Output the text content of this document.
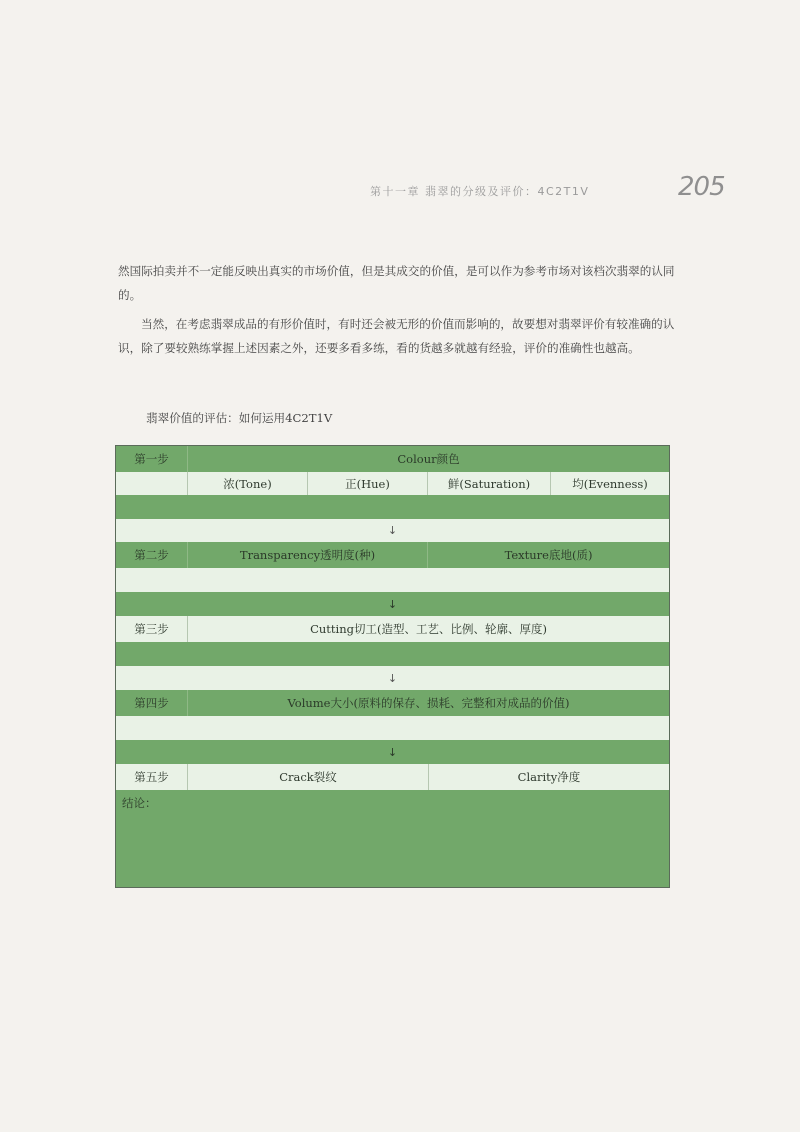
第十一章 翡翠的分级及评价：4C2T1V	205
然国际拍卖并不一定能反映出真实的市场价值，但是其成交的价值，是可以作为参考市场对该档次翡翠的认同的。
当然，在考虑翡翠成品的有形价值时，有时还会被无形的价值而影响的，故要想对翡翠评价有较准确的认识，除了要较熟练掌握上述因素之外，还要多看多练，看的货越多就越有经验，评价的准确性也越高。
翡翠价值的评估：如何运用4C2T1V
第一步	Colour颜色
浓(Tone)	正(Hue)	鲜(Saturation)	均(Evenness)
↓
第二步	Transparency透明度(种)	Texture底地(质)
↓
第三步	Cutting切工(造型、工艺、比例、轮廓、厚度)
↓
第四步	Volume大小(原料的保存、损耗、完整和对成品的价值)
↓
第五步	Crack裂纹	Clarity净度
结论：
